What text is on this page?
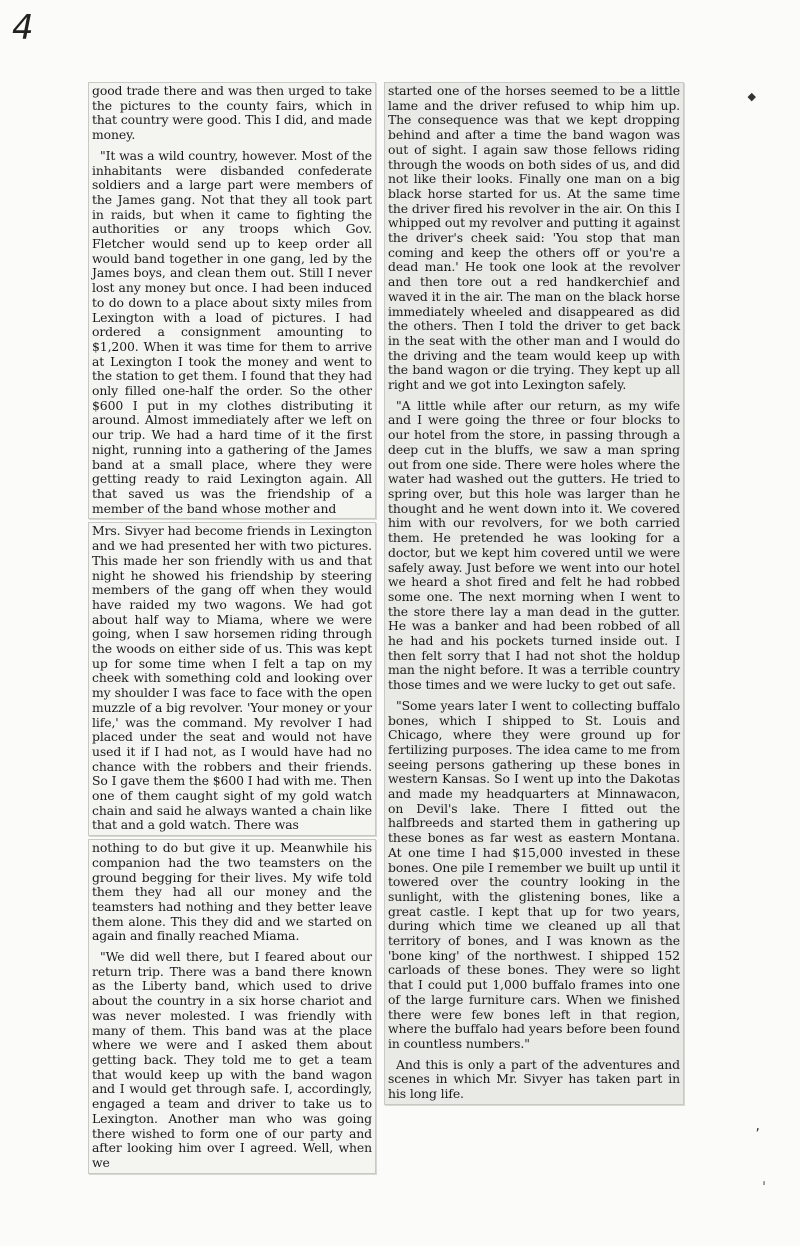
4
◆
,
ˈ

good trade there and was then urged to take the pictures to the county fairs, which in that country were good. This I did, and made money.

"It was a wild country, however. Most of the inhabitants were disbanded confederate soldiers and a large part were members of the James gang. Not that they all took part in raids, but when it came to fighting the authorities or any troops which Gov. Fletcher would send up to keep order all would band together in one gang, led by the James boys, and clean them out. Still I never lost any money but once. I had been induced to do down to a place about sixty miles from Lexington with a load of pictures. I had ordered a consignment amounting to $1,200. When it was time for them to arrive at Lexington I took the money and went to the station to get them. I found that they had only filled one-half the order. So the other $600 I put in my clothes distributing it around. Almost immediately after we left on our trip. We had a hard time of it the first night, running into a gathering of the James band at a small place, where they were getting ready to raid Lexington again. All that saved us was the friendship of a member of the band whose mother and

Mrs. Sivyer had become friends in Lexington and we had presented her with two pictures. This made her son friendly with us and that night he showed his friendship by steering members of the gang off when they would have raided my two wagons. We had got about half way to Miama, where we were going, when I saw horsemen riding through the woods on either side of us. This was kept up for some time when I felt a tap on my cheek with something cold and looking over my shoulder I was face to face with the open muzzle of a big revolver. 'Your money or your life,' was the command. My revolver I had placed under the seat and would not have used it if I had not, as I would have had no chance with the robbers and their friends. So I gave them the $600 I had with me. Then one of them caught sight of my gold watch chain and said he always wanted a chain like that and a gold watch. There was

nothing to do but give it up. Meanwhile his companion had the two teamsters on the ground begging for their lives. My wife told them they had all our money and the teamsters had nothing and they better leave them alone. This they did and we started on again and finally reached Miama.

"We did well there, but I feared about our return trip. There was a band there known as the Liberty band, which used to drive about the country in a six horse chariot and was never molested. I was friendly with many of them. This band was at the place where we were and I asked them about getting back. They told me to get a team that would keep up with the band wagon and I would get through safe. I, accordingly, engaged a team and driver to take us to Lexington. Another man who was going there wished to form one of our party and after looking him over I agreed. Well, when we

started one of the horses seemed to be a little lame and the driver refused to whip him up. The consequence was that we kept dropping behind and after a time the band wagon was out of sight. I again saw those fellows riding through the woods on both sides of us, and did not like their looks. Finally one man on a big black horse started for us. At the same time the driver fired his revolver in the air. On this I whipped out my revolver and putting it against the driver's cheek said: 'You stop that man coming and keep the others off or you're a dead man.' He took one look at the revolver and then tore out a red handkerchief and waved it in the air. The man on the black horse immediately wheeled and disappeared as did the others. Then I told the driver to get back in the seat with the other man and I would do the driving and the team would keep up with the band wagon or die trying. They kept up all right and we got into Lexington safely.

"A little while after our return, as my wife and I were going the three or four blocks to our hotel from the store, in passing through a deep cut in the bluffs, we saw a man spring out from one side. There were holes where the water had washed out the gutters. He tried to spring over, but this hole was larger than he thought and he went down into it. We covered him with our revolvers, for we both carried them. He pretended he was looking for a doctor, but we kept him covered until we were safely away. Just before we went into our hotel we heard a shot fired and felt he had robbed some one. The next morning when I went to the store there lay a man dead in the gutter. He was a banker and had been robbed of all he had and his pockets turned inside out. I then felt sorry that I had not shot the holdup man the night before. It was a terrible country those times and we were lucky to get out safe.

"Some years later I went to collecting buffalo bones, which I shipped to St. Louis and Chicago, where they were ground up for fertilizing purposes. The idea came to me from seeing persons gathering up these bones in western Kansas. So I went up into the Dakotas and made my headquarters at Minnawacon, on Devil's lake. There I fitted out the halfbreeds and started them in gathering up these bones as far west as eastern Montana. At one time I had $15,000 invested in these bones. One pile I remember we built up until it towered over the country looking in the sunlight, with the glistening bones, like a great castle. I kept that up for two years, during which time we cleaned up all that territory of bones, and I was known as the 'bone king' of the northwest. I shipped 152 carloads of these bones. They were so light that I could put 1,000 buffalo frames into one of the large furniture cars. When we finished there were few bones left in that region, where the buffalo had years before been found in countless numbers."

And this is only a part of the adventures and scenes in which Mr. Sivyer has taken part in his long life.
